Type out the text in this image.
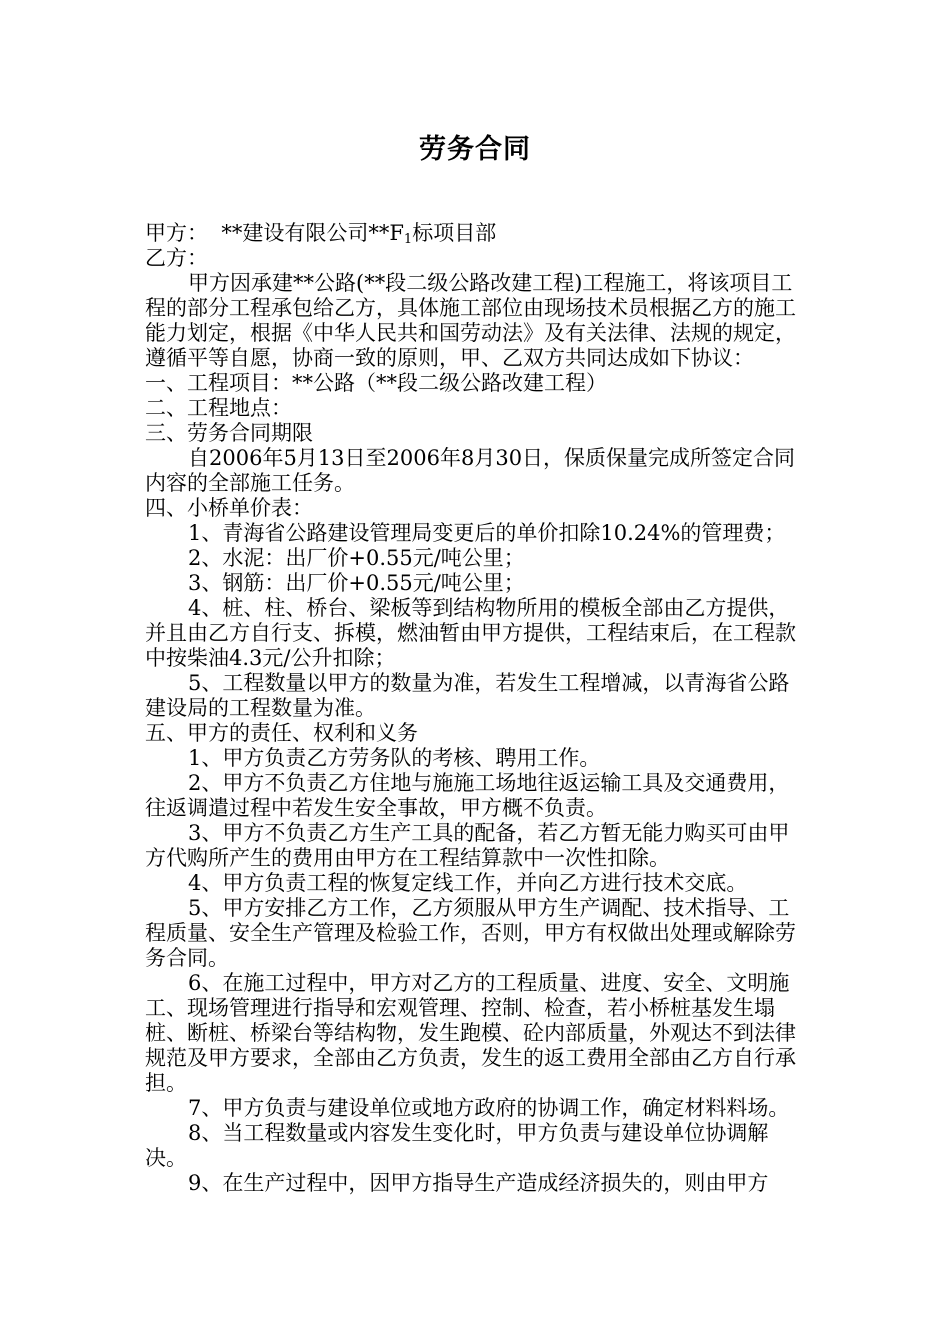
劳务合同

甲方：  **建设有限公司$**F_1$标项目部

乙方：

甲方因承建**公路(**段二级公路改建工程)工程施工，将该项目工程的部分工程承包给乙方，具体施工部位由现场技术员根据乙方的施工能力划定，根据《中华人民共和国劳动法》及有关法律、法规的规定，遵循平等自愿，协商一致的原则，甲、乙双方共同达成如下协议：

一、工程项目：**公路（**段二级公路改建工程）

二、工程地点：

三、劳务合同期限

自2006年5月13日至2006年8月30日，保质保量完成所签定合同内容的全部施工任务。

四、小桥单价表：

1、青海省公路建设管理局变更后的单价扣除10.24%的管理费；

2、水泥：出厂价+0.55元/吨公里；

3、钢筋：出厂价+0.55元/吨公里；

4、桩、柱、桥台、梁板等到结构物所用的模板全部由乙方提供，并且由乙方自行支、拆模，燃油暂由甲方提供，工程结束后，在工程款中按柴油4.3元/公升扣除；

5、工程数量以甲方的数量为准，若发生工程增减，以青海省公路建设局的工程数量为准。

五、甲方的责任、权利和义务

1、甲方负责乙方劳务队的考核、聘用工作。

2、甲方不负责乙方住地与施施工场地往返运输工具及交通费用，往返调遣过程中若发生安全事故，甲方概不负责。

3、甲方不负责乙方生产工具的配备，若乙方暂无能力购买可由甲方代购所产生的费用由甲方在工程结算款中一次性扣除。

4、甲方负责工程的恢复定线工作，并向乙方进行技术交底。

5、甲方安排乙方工作，乙方须服从甲方生产调配、技术指导、工程质量、安全生产管理及检验工作，否则，甲方有权做出处理或解除劳务合同。

6、在施工过程中，甲方对乙方的工程质量、进度、安全、文明施工、现场管理进行指导和宏观管理、控制、检查，若小桥桩基发生塌桩、断桩、桥梁台等结构物，发生跑模、砼内部质量，外观达不到法律规范及甲方要求，全部由乙方负责，发生的返工费用全部由乙方自行承担。

7、甲方负责与建设单位或地方政府的协调工作，确定材料料场。

8、当工程数量或内容发生变化时，甲方负责与建设单位协调解决。

9、在生产过程中，因甲方指导生产造成经济损失的，则由甲方
